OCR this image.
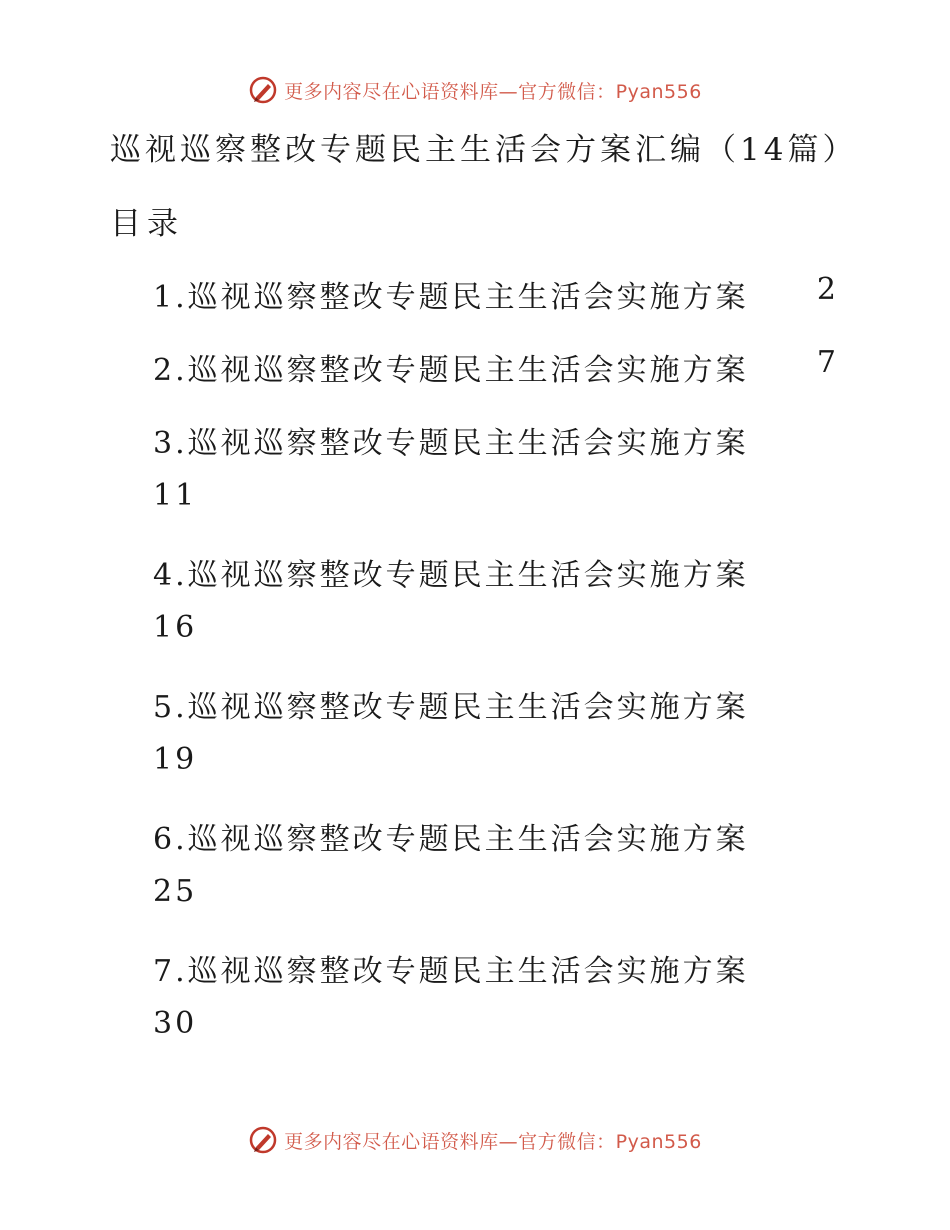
更多内容尽在心语资料库—官方微信：Pyan556
巡视巡察整改专题民主生活会方案汇编（14篇）
目录
1.巡视巡察整改专题民主生活会实施方案 2
2.巡视巡察整改专题民主生活会实施方案 7
3.巡视巡察整改专题民主生活会实施方案
11
4.巡视巡察整改专题民主生活会实施方案
16
5.巡视巡察整改专题民主生活会实施方案
19
6.巡视巡察整改专题民主生活会实施方案
25
7.巡视巡察整改专题民主生活会实施方案
30
更多内容尽在心语资料库—官方微信：Pyan556
